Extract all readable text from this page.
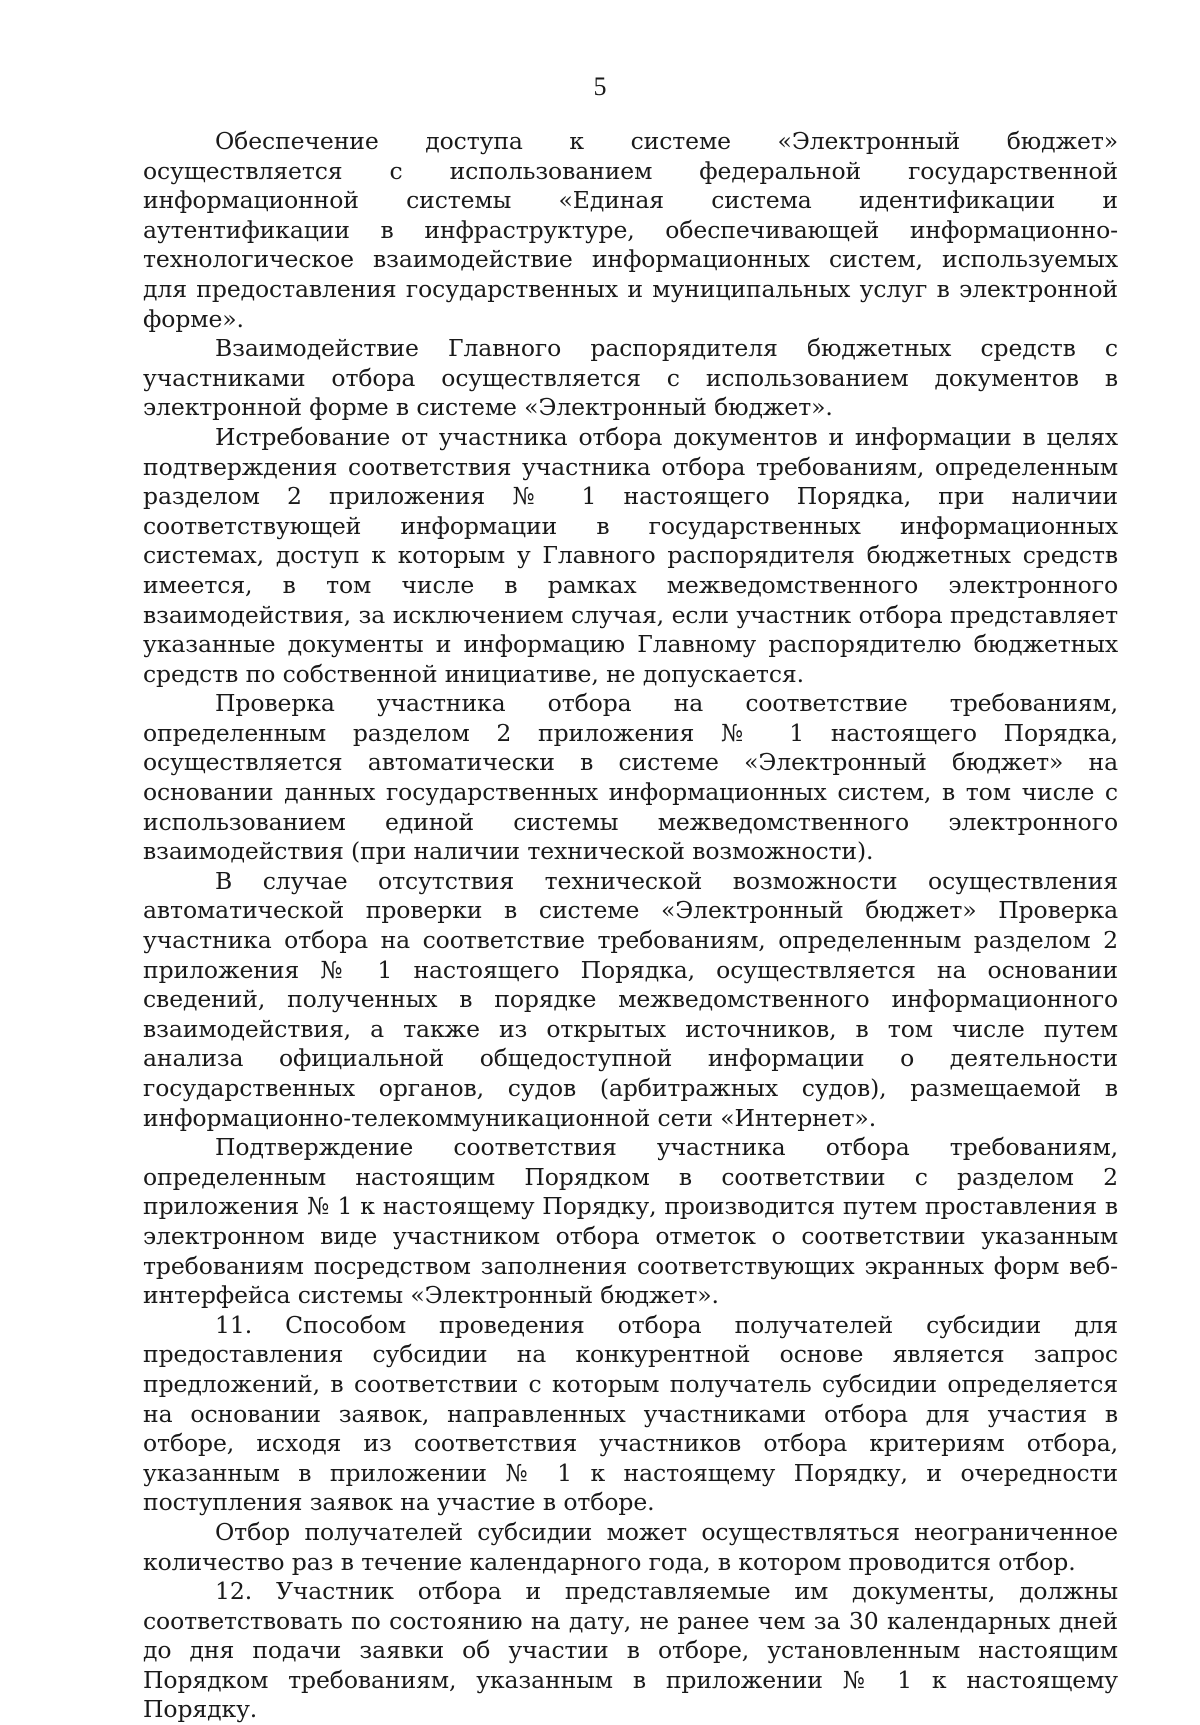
5

Обеспечение доступа к системе «Электронный бюджет» осуществляется с использованием федеральной государственной информационной системы «Единая система идентификации и аутентификации в инфраструктуре, обеспечивающей информационно-технологическое взаимодействие информационных систем, используемых для предоставления государственных и муниципальных услуг в электронной форме».

Взаимодействие Главного распорядителя бюджетных средств с участниками отбора осуществляется с использованием документов в электронной форме в системе «Электронный бюджет».

Истребование от участника отбора документов и информации в целях подтверждения соответствия участника отбора требованиям, определенным разделом 2 приложения № 1 настоящего Порядка, при наличии соответствующей информации в государственных информационных системах, доступ к которым у Главного распорядителя бюджетных средств имеется, в том числе в рамках межведомственного электронного взаимодействия, за исключением случая, если участник отбора представляет указанные документы и информацию Главному распорядителю бюджетных средств по собственной инициативе, не допускается.

Проверка участника отбора на соответствие требованиям, определенным разделом 2 приложения № 1 настоящего Порядка, осуществляется автоматически в системе «Электронный бюджет» на основании данных государственных информационных систем, в том числе с использованием единой системы межведомственного электронного взаимодействия (при наличии технической возможности).

В случае отсутствия технической возможности осуществления автоматической проверки в системе «Электронный бюджет» Проверка участника отбора на соответствие требованиям, определенным разделом 2 приложения № 1 настоящего Порядка, осуществляется на основании сведений, полученных в порядке межведомственного информационного взаимодействия, а также из открытых источников, в том числе путем анализа официальной общедоступной информации о деятельности государственных органов, судов (арбитражных судов), размещаемой в информационно-телекоммуникационной сети «Интернет».

Подтверждение соответствия участника отбора требованиям, определенным настоящим Порядком в соответствии с разделом 2 приложения № 1 к настоящему Порядку, производится путем проставления в электронном виде участником отбора отметок о соответствии указанным требованиям посредством заполнения соответствующих экранных форм веб-интерфейса системы «Электронный бюджет».

11. Способом проведения отбора получателей субсидии для предоставления субсидии на конкурентной основе является запрос предложений, в соответствии с которым получатель субсидии определяется на основании заявок, направленных участниками отбора для участия в отборе, исходя из соответствия участников отбора критериям отбора, указанным в приложении № 1 к настоящему Порядку, и очередности поступления заявок на участие в отборе.

Отбор получателей субсидии может осуществляться неограниченное количество раз в течение календарного года, в котором проводится отбор.

12. Участник отбора и представляемые им документы, должны соответствовать по состоянию на дату, не ранее чем за 30 календарных дней до дня подачи заявки об участии в отборе, установленным настоящим Порядком требованиям, указанным в приложении № 1 к настоящему Порядку.
